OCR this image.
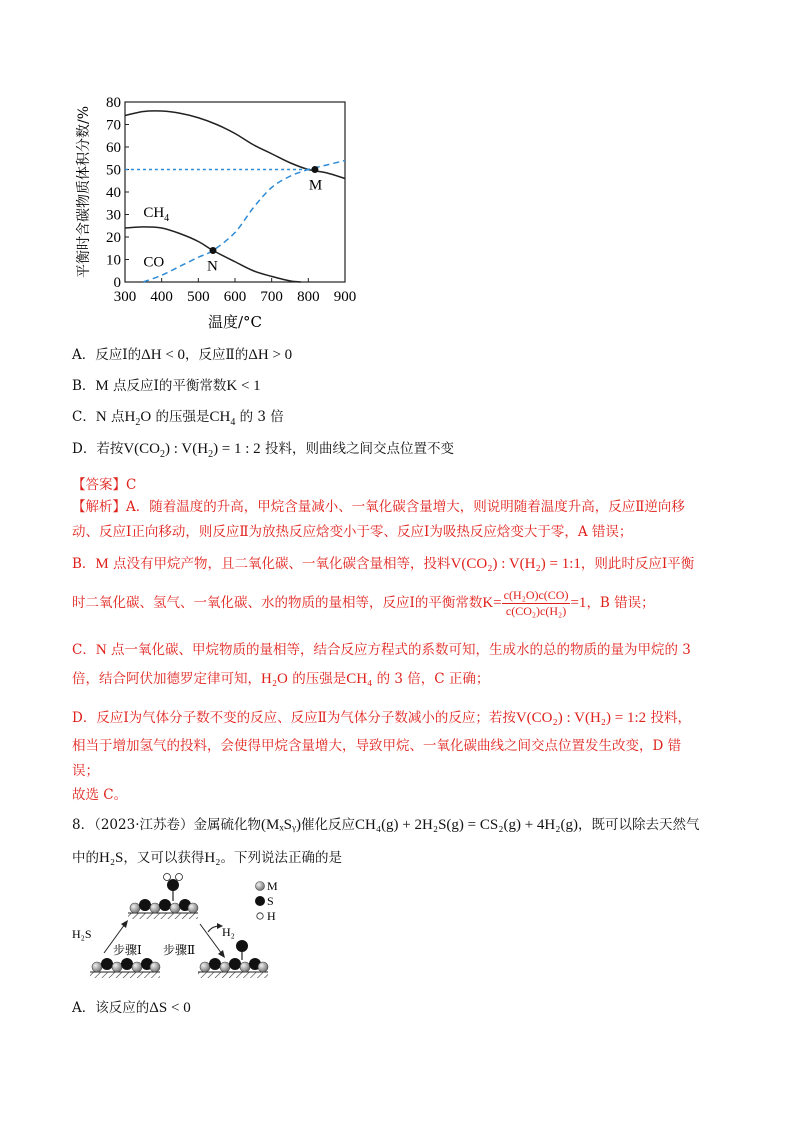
0
10
20
30
40
50
60
70
80
300 400 500 600 700 800 900
温度/°C
平衡时含碳物质体积分数/%	M
N
$CH_4$
CO
A．反应Ⅰ的ΔH < 0，反应Ⅱ的ΔH > 0
B．M 点反应Ⅰ的平衡常数K < 1
C．N 点$H_2O$ 的压强是$CH_4$ 的 3 倍
D．若按$V(CO_2)$ : $V(H_2) = 1$ : 2 投料，则曲线之间交点位置不变
【答案】C
【解析】A．随着温度的升高，甲烷含量减小、一氧化碳含量增大，则说明随着温度升高，反应Ⅱ逆向移
动、反应Ⅰ正向移动，则反应Ⅱ为放热反应焓变小于零、反应Ⅰ为吸热反应焓变大于零，A 错误；
B．M 点没有甲烷产物，且二氧化碳、一氧化碳含量相等，投料V(CO₂) : V(H₂) = 1:1，则此时反应Ⅰ平衡
时二氧化碳、氢气、一氧化碳、水的物质的量相等，反应Ⅰ的平衡常数$K= \frac{\text{c(H₂O)c(CO)}}{\text{c(CO₂)c(H₂)}} =1$，B 错误；
C．N 点一氧化碳、甲烷物质的量相等，结合反应方程式的系数可知，生成水的总的物质的量为甲烷的 3
倍，结合阿伏加德罗定律可知，H₂O 的压强是CH₄ 的 3 倍，C 正确；
D．反应Ⅰ为气体分子数不变的反应、反应Ⅱ为气体分子数减小的反应；若按V(CO₂) : V(H₂) = 1:2 投料，
相当于增加氢气的投料，会使得甲烷含量增大，导致甲烷、一氧化碳曲线之间交点位置发生改变，D 错
误；
故选 C。
8．（2023·江苏卷）金属硫化物(MₓSᵧ)催化反应CH₄(g) + 2H₂S(g) = CS₂(g) + 4H₂(g)，既可以除去天然气
中的H₂S，又可以获得H₂。下列说法正确的是
H₂S	H₂
步骤Ⅰ 步骤Ⅱ
M
S
H
A．该反应的ΔS < 0
